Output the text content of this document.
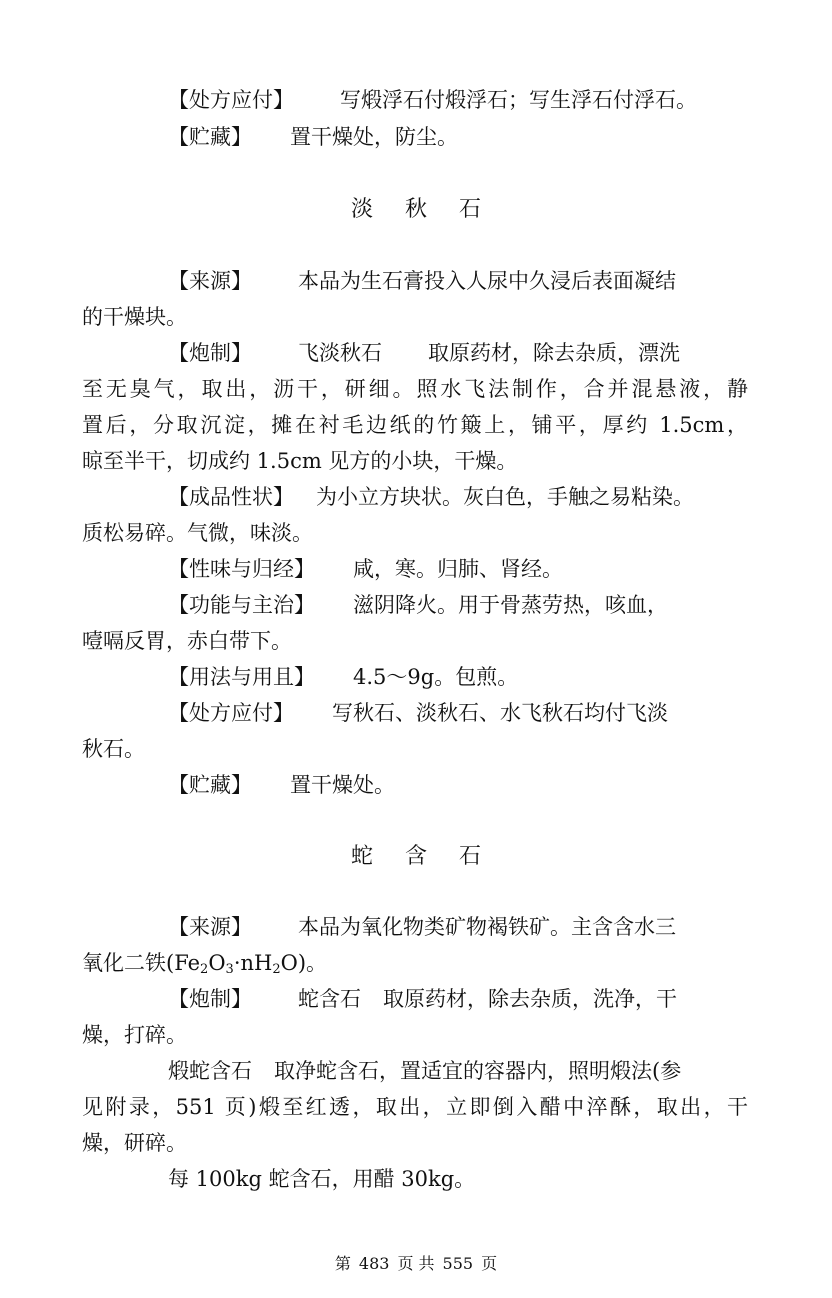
【处方应付】 写煅浮石付煅浮石；写生浮石付浮石。
【贮藏】 置干燥处，防尘。
淡 秋 石
【来源】 本品为生石膏投入人尿中久浸后表面凝结
的干燥块。
【炮制】 飞淡秋石 取原药材，除去杂质，漂洗
至无臭气，取出，沥干，研细。照水飞法制作，合并混悬液，静
置后，分取沉淀，摊在衬毛边纸的竹簸上，铺平，厚约 1.5cm，
晾至半干，切成约 1.5cm 见方的小块，干燥。
【成品性状】 为小立方块状。灰白色，手触之易粘染。
质松易碎。气微，味淡。
【性味与归经】 咸，寒。归肺、肾经。
【功能与主治】 滋阴降火。用于骨蒸劳热，咳血，
噎嗝反胃，赤白带下。
【用法与用且】 4.5～9g。包煎。
【处方应付】 写秋石、淡秋石、水飞秋石均付飞淡
秋石。
【贮藏】 置干燥处。
蛇 含 石
【来源】 本品为氧化物类矿物褐铁矿。主含含水三
氧化二铁$(Fe_2O_3\cdot nH_2O)$。
【炮制】 蛇含石 取原药材，除去杂质，洗净，干
燥，打碎。
煅蛇含石 取净蛇含石，置适宜的容器内，照明煅法(参
见附录，551 页)煅至红透，取出，立即倒入醋中淬酥，取出，干
燥，研碎。
每 100kg 蛇含石，用醋 30kg。
第 483 页 共 555 页
